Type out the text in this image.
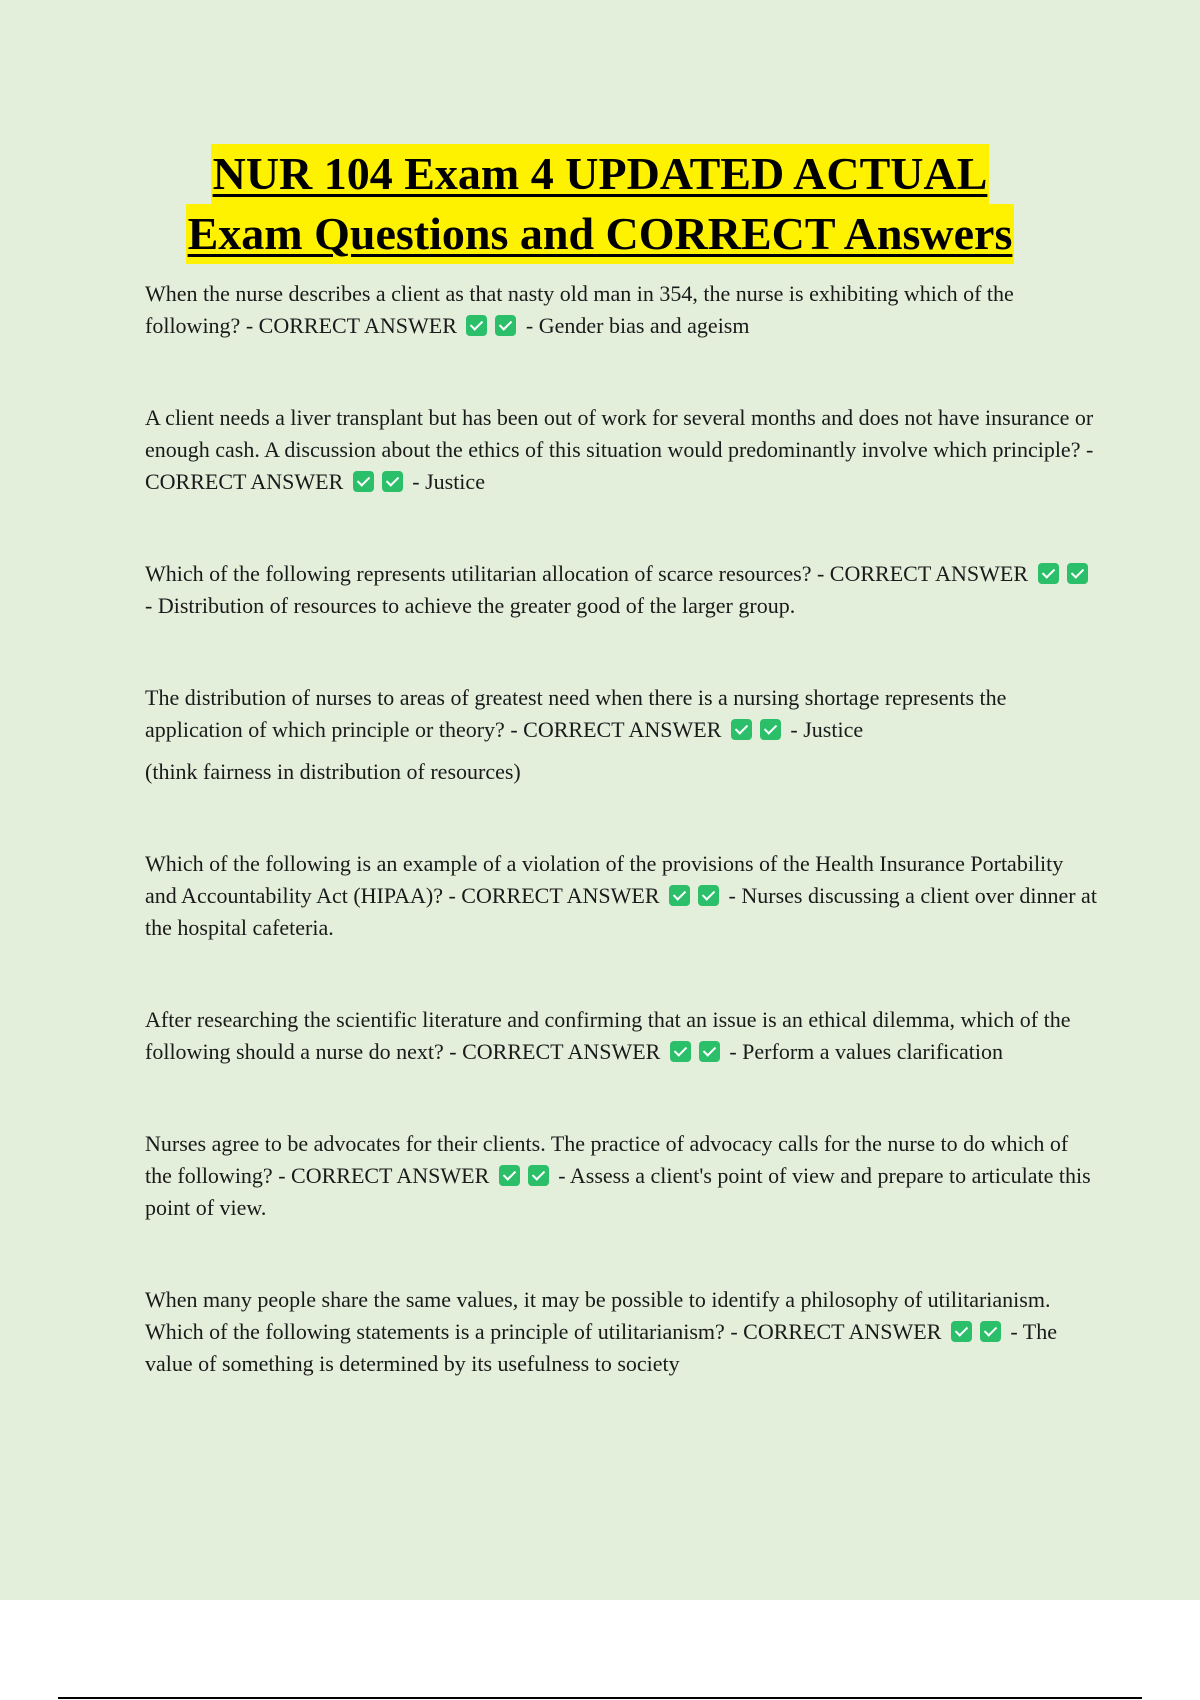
NUR 104 Exam 4 UPDATED ACTUAL
Exam Questions and CORRECT Answers

When the nurse describes a client as that nasty old man in 354, the nurse is exhibiting which of the following? - CORRECT ANSWER	- Gender bias and ageism

A client needs a liver transplant but has been out of work for several months and does not have insurance or enough cash. A discussion about the ethics of this situation would predominantly involve which principle? - CORRECT ANSWER	- Justice

Which of the following represents utilitarian allocation of scarce resources? - CORRECT ANSWER  - Distribution of resources to achieve the greater good of the larger group.

The distribution of nurses to areas of greatest need when there is a nursing shortage represents the application of which principle or theory? - CORRECT ANSWER	- Justice
(think fairness in distribution of resources)

Which of the following is an example of a violation of the provisions of the Health Insurance Portability and Accountability Act (HIPAA)? - CORRECT ANSWER	- Nurses discussing a client over dinner at the hospital cafeteria.

After researching the scientific literature and confirming that an issue is an ethical dilemma, which of the following should a nurse do next? - CORRECT ANSWER	- Perform a values clarification

Nurses agree to be advocates for their clients. The practice of advocacy calls for the nurse to do which of the following? - CORRECT ANSWER	- Assess a client's point of view and prepare to articulate this point of view.

When many people share the same values, it may be possible to identify a philosophy of utilitarianism. Which of the following statements is a principle of utilitarianism? - CORRECT ANSWER	- The value of something is determined by its usefulness to society
